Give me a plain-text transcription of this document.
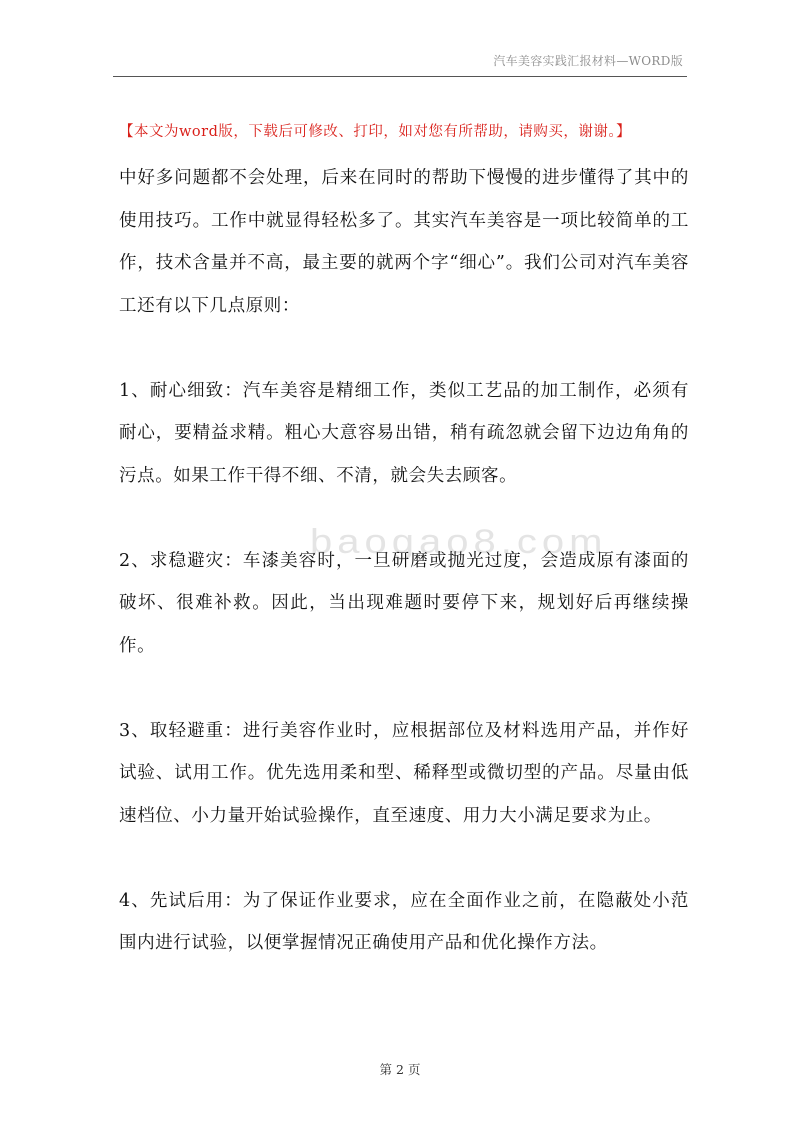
汽车美容实践汇报材料—WORD版
【本文为word版，下载后可修改、打印，如对您有所帮助，请购买，谢谢。】
baogao8.com

中好多问题都不会处理，后来在同时的帮助下慢慢的进步懂得了其中的使用技巧。工作中就显得轻松多了。其实汽车美容是一项比较简单的工作，技术含量并不高，最主要的就两个字“细心”。我们公司对汽车美容工还有以下几点原则：

1、耐心细致：汽车美容是精细工作，类似工艺品的加工制作，必须有耐心，要精益求精。粗心大意容易出错，稍有疏忽就会留下边边角角的污点。如果工作干得不细、不清，就会失去顾客。

2、求稳避灾：车漆美容时，一旦研磨或抛光过度，会造成原有漆面的破坏、很难补救。因此，当出现难题时要停下来，规划好后再继续操作。

3、取轻避重：进行美容作业时，应根据部位及材料选用产品，并作好试验、试用工作。优先选用柔和型、稀释型或微切型的产品。尽量由低速档位、小力量开始试验操作，直至速度、用力大小满足要求为止。

4、先试后用：为了保证作业要求，应在全面作业之前，在隐蔽处小范围内进行试验，以便掌握情况正确使用产品和优化操作方法。

第 2 页
